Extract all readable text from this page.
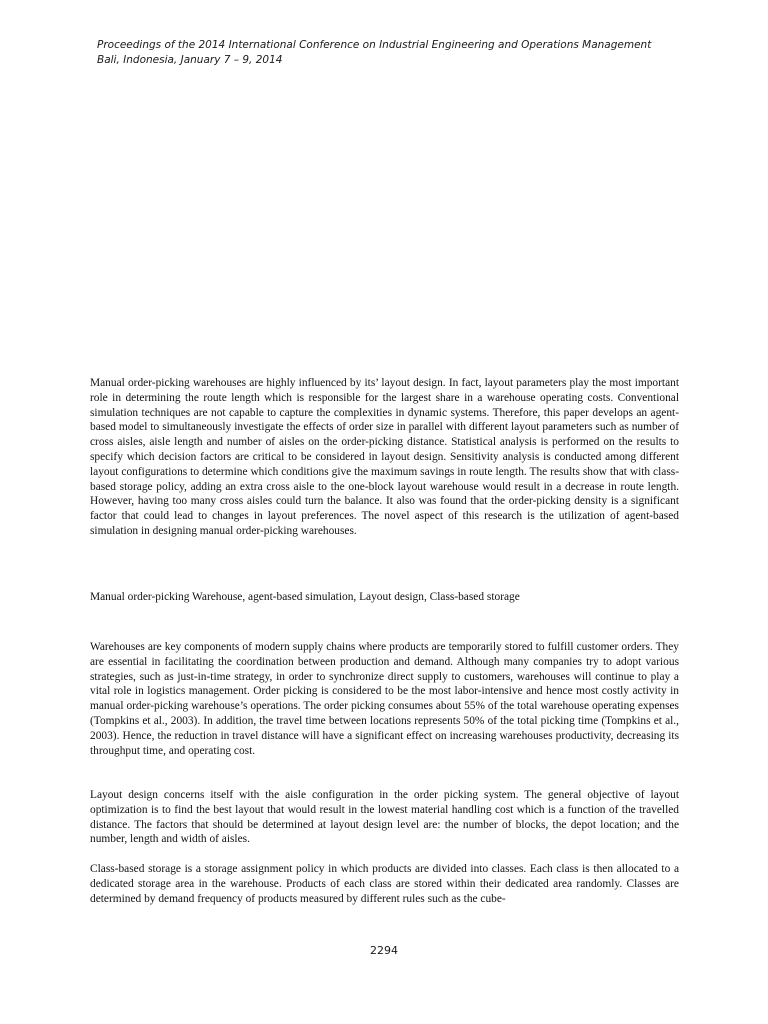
Proceedings of the 2014 International Conference on Industrial Engineering and Operations Management
Bali, Indonesia, January 7 – 9, 2014

Manual order-picking warehouses are highly influenced by its’ layout design. In fact, layout parameters play the most important role in determining the route length which is responsible for the largest share in a warehouse operating costs. Conventional simulation techniques are not capable to capture the complexities in dynamic systems. Therefore, this paper develops an agent-based model to simultaneously investigate the effects of order size in parallel with different layout parameters such as number of cross aisles, aisle length and number of aisles on the order-picking distance. Statistical analysis is performed on the results to specify which decision factors are critical to be considered in layout design. Sensitivity analysis is conducted among different layout configurations to determine which conditions give the maximum savings in route length. The results show that with class-based storage policy, adding an extra cross aisle to the one-block layout warehouse would result in a decrease in route length. However, having too many cross aisles could turn the balance. It also was found that the order-picking density is a significant factor that could lead to changes in layout preferences. The novel aspect of this research is the utilization of agent-based simulation in designing manual order-picking warehouses.

Manual order-picking Warehouse, agent-based simulation, Layout design, Class-based storage

Warehouses are key components of modern supply chains where products are temporarily stored to fulfill customer orders. They are essential in facilitating the coordination between production and demand. Although many companies try to adopt various strategies, such as just-in-time strategy, in order to synchronize direct supply to customers, warehouses will continue to play a vital role in logistics management. Order picking is considered to be the most labor-intensive and hence most costly activity in manual order-picking warehouse’s operations. The order picking consumes about 55% of the total warehouse operating expenses (Tompkins et al., 2003). In addition, the travel time between locations represents 50% of the total picking time (Tompkins et al., 2003). Hence, the reduction in travel distance will have a significant effect on increasing warehouses productivity, decreasing its throughput time, and operating cost.

Layout design concerns itself with the aisle configuration in the order picking system. The general objective of layout optimization is to find the best layout that would result in the lowest material handling cost which is a function of the travelled distance. The factors that should be determined at layout design level are: the number of blocks, the depot location; and the number, length and width of aisles.

Class-based storage is a storage assignment policy in which products are divided into classes. Each class is then allocated to a dedicated storage area in the warehouse. Products of each class are stored within their dedicated area randomly. Classes are determined by demand frequency of products measured by different rules such as the cube-

2294
